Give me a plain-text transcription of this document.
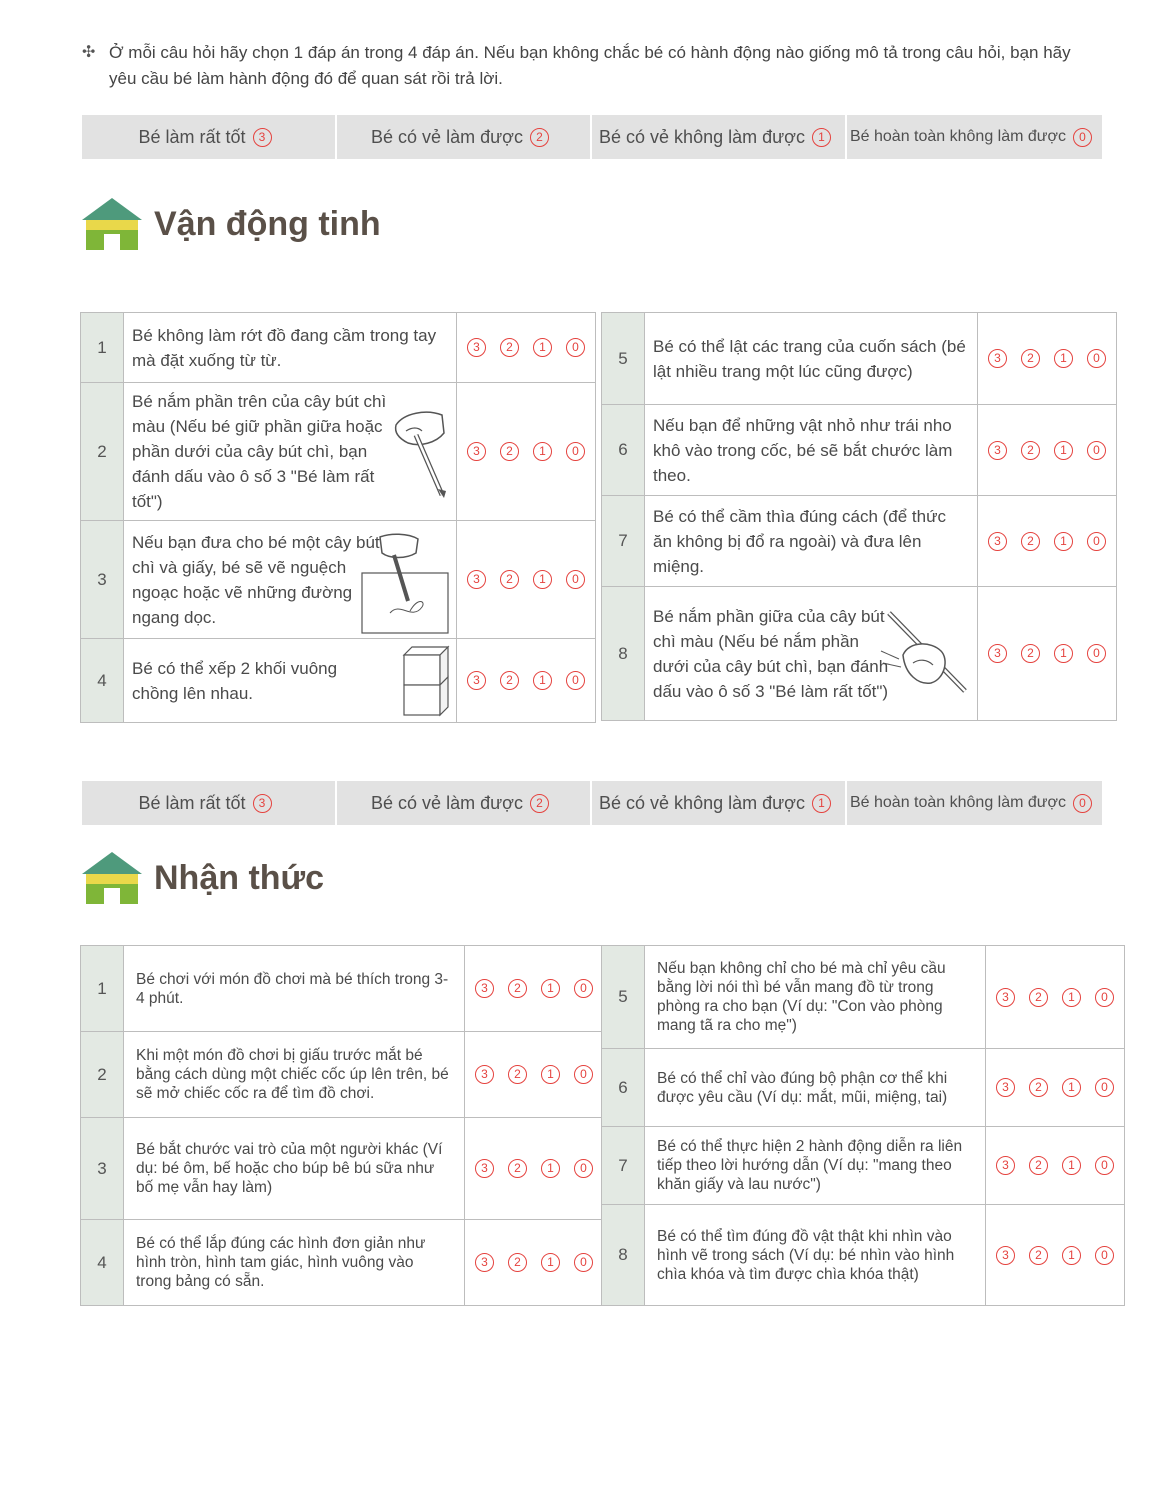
✣ Ở mỗi câu hỏi hãy chọn 1 đáp án trong 4 đáp án. Nếu bạn không chắc bé có hành động nào giống mô tả trong câu hỏi, bạn hãy yêu cầu bé làm hành động đó để quan sát rồi trả lời.
Bé làm rất tốt	3	Bé có vẻ làm được	2	Bé có vẻ không làm được	1	Bé hoàn toàn không làm được	0
Vận động tinh
1	Bé không làm rớt đồ đang cầm trong tay mà đặt xuống từ từ.	3 2 1 0
2	Bé nắm phần trên của cây bút chì màu (Nếu bé giữ phần giữa hoặc phần dưới của cây bút chì, bạn đánh dấu vào ô số 3 "Bé làm rất tốt")	3 2 1 0
3	Nếu bạn đưa cho bé một cây bút chì và giấy, bé sẽ vẽ nguệch ngoạc hoặc vẽ những đường ngang dọc.	3 2 1 0
4	Bé có thể xếp 2 khối vuông chồng lên nhau.	3 2 1 0
5	Bé có thể lật các trang của cuốn sách (bé lật nhiều trang một lúc cũng được)	3 2 1 0
6	Nếu bạn để những vật nhỏ như trái nho khô vào trong cốc, bé sẽ bắt chước làm theo.	3 2 1 0
7	Bé có thể cầm thìa đúng cách (để thức ăn không bị đổ ra ngoài) và đưa lên miệng.	3 2 1 0
8	Bé nắm phần giữa của cây bút chì màu (Nếu bé nắm phần dưới của cây bút chì, bạn đánh dấu vào ô số 3 "Bé làm rất tốt")	3 2 1 0
Bé làm rất tốt	3	Bé có vẻ làm được	2	Bé có vẻ không làm được	1	Bé hoàn toàn không làm được	0
Nhận thức
1	Bé chơi với món đồ chơi mà bé thích trong 3-4 phút.	3 2 1 0
2	Khi một món đồ chơi bị giấu trước mắt bé bằng cách dùng một chiếc cốc úp lên trên, bé sẽ mở chiếc cốc ra để tìm đồ chơi.	3 2 1 0
3	Bé bắt chước vai trò của một người khác (Ví dụ: bé ôm, bế hoặc cho búp bê bú sữa như bố mẹ vẫn hay làm)	3 2 1 0
4	Bé có thể lắp đúng các hình đơn giản như hình tròn, hình tam giác, hình vuông vào trong bảng có sẵn.	3 2 1 0
5	Nếu bạn không chỉ cho bé mà chỉ yêu cầu bằng lời nói thì bé vẫn mang đồ từ trong phòng ra cho bạn (Ví dụ: "Con vào phòng mang tã ra cho mẹ")	3 2 1 0
6	Bé có thể chỉ vào đúng bộ phận cơ thể khi được yêu cầu (Ví dụ: mắt, mũi, miệng, tai)	3 2 1 0
7	Bé có thể thực hiện 2 hành động diễn ra liên tiếp theo lời hướng dẫn (Ví dụ: "mang theo khăn giấy và lau nước")	3 2 1 0
8	Bé có thể tìm đúng đồ vật thật khi nhìn vào hình vẽ trong sách (Ví dụ: bé nhìn vào hình chìa khóa và tìm được chìa khóa thật)	3 2 1 0
